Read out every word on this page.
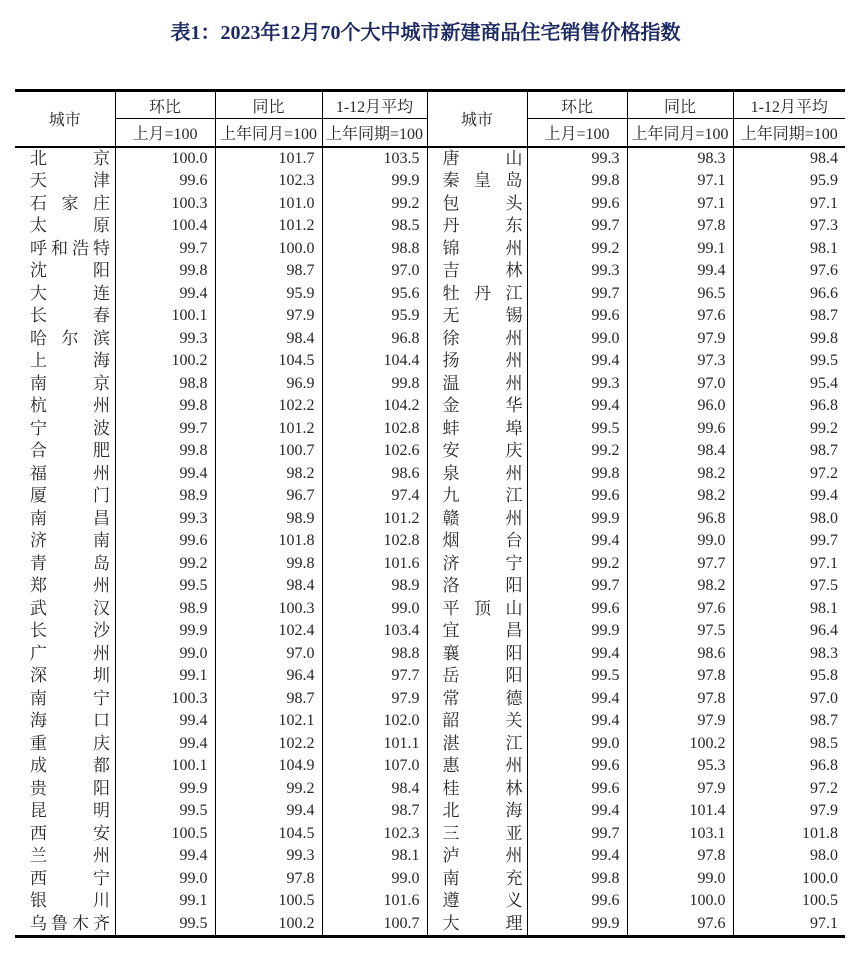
表1：2023年12月70个大中城市新建商品住宅销售价格指数
城市	环比	同比	1-12月平均	城市	环比	同比	1-12月平均
	上月=100	上年同月=100	上年同期=100		上月=100	上年同月=100	上年同期=100

北 京	100.0	101.7	103.5	唐 山	99.3	98.3	98.4

天 津	99.6	102.3	99.9	秦 皇 岛	99.8	97.1	95.9

石 家 庄	100.3	101.0	99.2	包 头	99.6	97.1	97.1

太 原	100.4	101.2	98.5	丹 东	99.7	97.8	97.3

呼 和 浩 特	99.7	100.0	98.8	锦 州	99.2	99.1	98.1

沈 阳	99.8	98.7	97.0	吉 林	99.3	99.4	97.6

大 连	99.4	95.9	95.6	牡 丹 江	99.7	96.5	96.6

长 春	100.1	97.9	95.9	无 锡	99.6	97.6	98.7

哈 尔 滨	99.3	98.4	96.8	徐 州	99.0	97.9	99.8

上 海	100.2	104.5	104.4	扬 州	99.4	97.3	99.5

南 京	98.8	96.9	99.8	温 州	99.3	97.0	95.4

杭 州	99.8	102.2	104.2	金 华	99.4	96.0	96.8

宁 波	99.7	101.2	102.8	蚌 埠	99.5	99.6	99.2

合 肥	99.8	100.7	102.6	安 庆	99.2	98.4	98.7

福 州	99.4	98.2	98.6	泉 州	99.8	98.2	97.2

厦 门	98.9	96.7	97.4	九 江	99.6	98.2	99.4

南 昌	99.3	98.9	101.2	赣 州	99.9	96.8	98.0

济 南	99.6	101.8	102.8	烟 台	99.4	99.0	99.7

青 岛	99.2	99.8	101.6	济 宁	99.2	97.7	97.1

郑 州	99.5	98.4	98.9	洛 阳	99.7	98.2	97.5

武 汉	98.9	100.3	99.0	平 顶 山	99.6	97.6	98.1

长 沙	99.9	102.4	103.4	宜 昌	99.9	97.5	96.4

广 州	99.0	97.0	98.8	襄 阳	99.4	98.6	98.3

深 圳	99.1	96.4	97.7	岳 阳	99.5	97.8	95.8

南 宁	100.3	98.7	97.9	常 德	99.4	97.8	97.0

海 口	99.4	102.1	102.0	韶 关	99.4	97.9	98.7

重 庆	99.4	102.2	101.1	湛 江	99.0	100.2	98.5

成 都	100.1	104.9	107.0	惠 州	99.6	95.3	96.8

贵 阳	99.9	99.2	98.4	桂 林	99.6	97.9	97.2

昆 明	99.5	99.4	98.7	北 海	99.4	101.4	97.9

西 安	100.5	104.5	102.3	三 亚	99.7	103.1	101.8

兰 州	99.4	99.3	98.1	泸 州	99.4	97.8	98.0

西 宁	99.0	97.8	99.0	南 充	99.8	99.0	100.0

银 川	99.1	100.5	101.6	遵 义	99.6	100.0	100.5

乌 鲁 木 齐	99.5	100.2	100.7	大 理	99.9	97.6	97.1
